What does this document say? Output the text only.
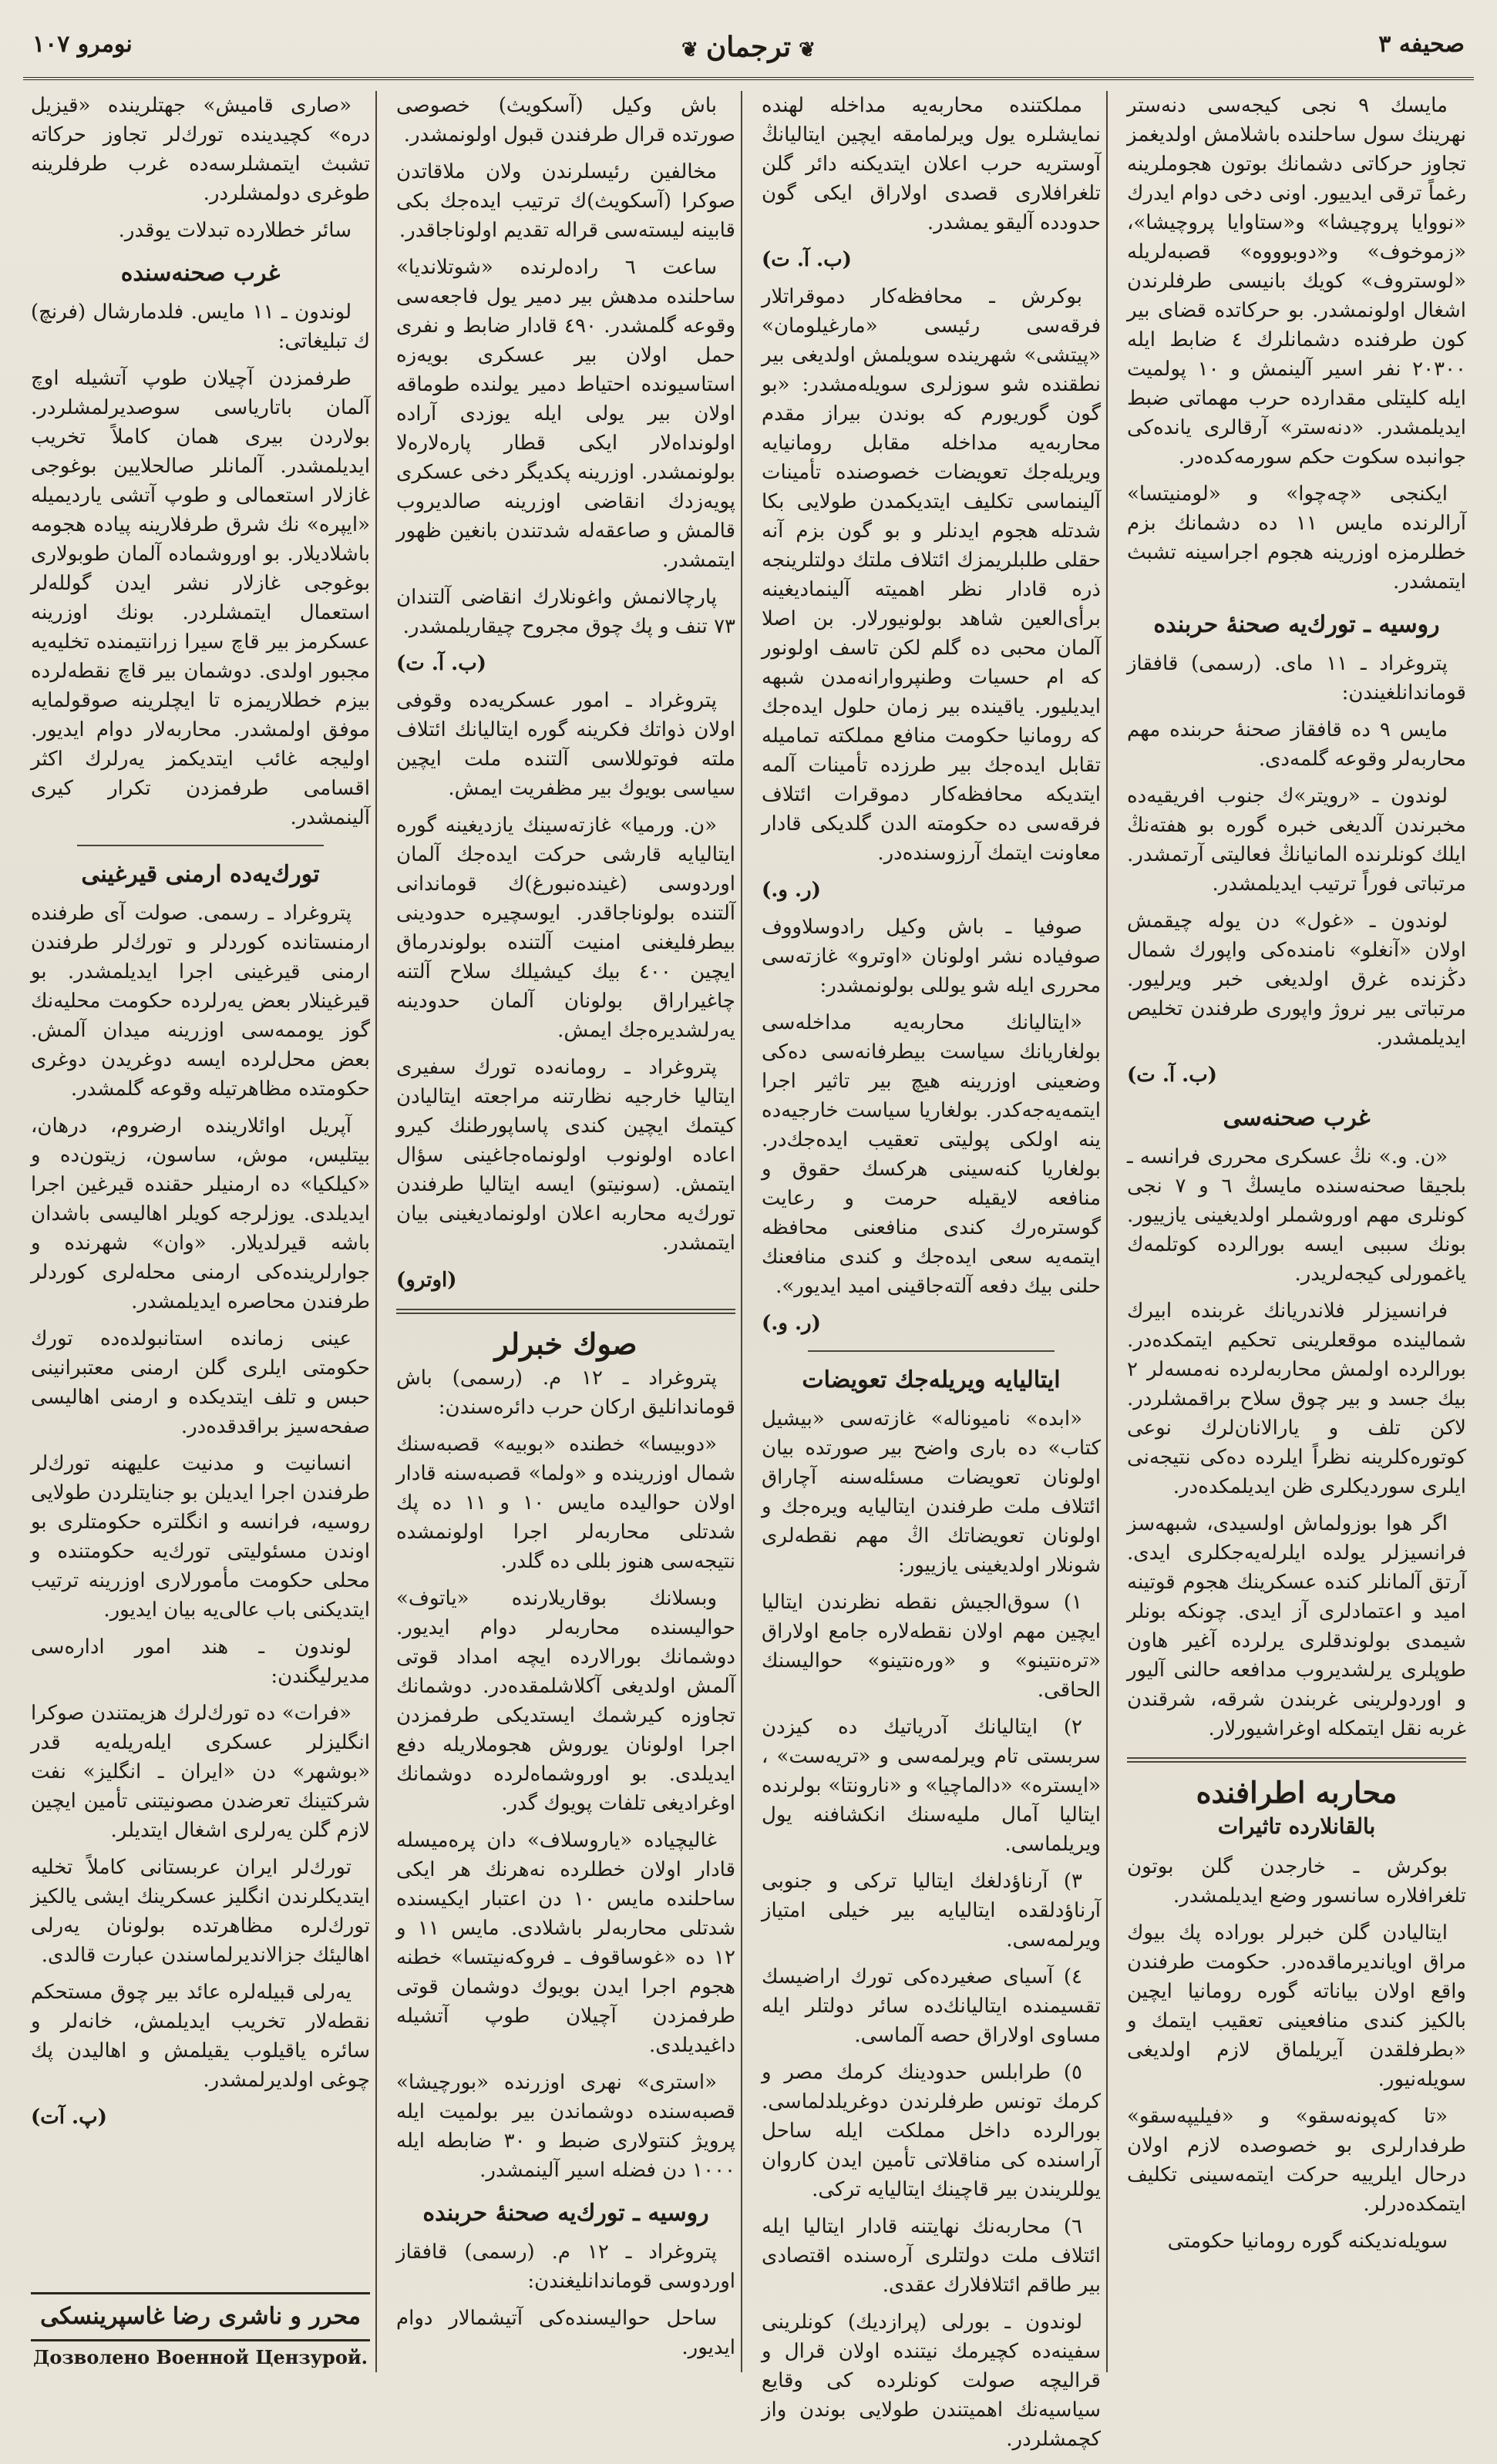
صحیفه ٣
❦ترجمان❦
نومرو ١٠٧

مایسك ٩ نجی كیجه‌سی دنه‌ستر نهرینك سول ساحلنده باشلامش اولدیغمز تجاوز حركاتی دشمانك بوتون هجوملرینه رغماً ترقی ایدییور. اونی دخی دوام ایدرك «نووایا پروچیشا» و«ستاوایا پروچیشا»، «زموخوف» و«دوبوووه» قصبه‌لریله «لوستروف» كویك بانیسی طرفلرندن اشغال اولونمشدر. بو حركاتده قضای بیر كون طرفنده دشمانلرك ٤ ضابط ایله ٢٠٣٠٠ نفر اسیر آلینمش و ١٠ پولمیت ایله كلیتلی مقدارده حرب مهماتی ضبط ایدیلمشدر. «دنه‌ستر» آرقالری یانده‌كی جوانبده سكوت حكم سورمه‌كده‌در.

ایكنجی «چه‌چوا» و «لومنیتسا» آرالرنده مایس ١١ ده دشمانك بزم خطلرمزه اوزرینه هجوم اجراسینه تشبث ایتمشدر.

روسیه ـ تورك‌یه صحنهٔ حربنده

پتروغراد ـ ١١ مای. (رسمی) قافقاز قوماندانلغیندن:

مایس ٩ ده قافقاز صحنهٔ حربنده مهم محاربه‌لر وقوعه گلمه‌دی.

لوندون ـ «رویتر»ك جنوب افریقیه‌ده مخبرندن آلدیغی خبره گوره بو هفته‌نڭ ایلك كونلرنده المانیانڭ فعالیتی آرتمشدر. مرتباتی فوراً ترتیب ایدیلمشدر.

لوندون ـ «غول» دن یوله چیقمش اولان «آنغلو» نامنده‌كی واپورك شمال دڭزنده غرق اولدیغی خبر ویرلیور. مرتباتی بیر نروژ واپوری طرفندن تخلیص ایدیلمشدر.

(ب. آ. ت)

غرب صحنه‌سی

«ن. و.» نڭ عسكری محرری فرانسه ـ بلجیقا صحنه‌سنده مایسڭ ٦ و ٧ نجی كونلری مهم اوروشملر اولدیغینی یازییور. بونك سببی ایسه بورالرده كوتلمه‌ك یاغمورلی كیجه‌لریدر.

فرانسیزلر فلاندریانك غربنده ابیرك شمالینده موقعلرینی تحكیم ایتمكده‌در. بورالرده اولمش محاربه‌لرده نه‌مسه‌لر ٢ بیك جسد و بیر چوق سلاح براقمشلردر. لاكن تلف و یارالانان‌لرك نوعی كوتوره‌كلرینه نظراً ایلرده ده‌كی نتیجه‌نی ایلری سوردیكلری ظن ایدیلمكده‌در.

اگر هوا بوزولماش اولسیدی، شبهه‌سز فرانسیزلر یولده ایلرله‌یه‌جكلری ایدی. آرتق آلمانلر كنده عسكرینك هجوم قوتینه امید و اعتمادلری آز ایدی. چونكه بونلر شیمدی بولوندقلری یرلرده آغیر هاون طوپلری یرلشدیروب مدافعه حالنی آلیور و اوردولرینی غربندن شرقه، شرقندن غربه نقل ایتمكله اوغراشیورلار.

محاربه اطرافنده
بالقانلارده تاثیرات

بوكرش ـ خارجدن گلن بوتون تلغرافلاره سانسور وضع ایدیلمشدر.

ایتالیادن گلن خبرلر بوراده پك بیوك مراق اویاندیرماقده‌در. حكومت طرفندن واقع اولان بیاناته گوره رومانیا ایچین بالكیز كندی منافعینی تعقیب ایتمك و «بطرفلقدن آیریلماق لازم اولدیغی سویله‌نیور.

«تا كه‌پونه‌سقو» و «فیلیپه‌سقو» طرفدارلری بو خصوصده لازم اولان درحال ایلرییه حركت ایتمه‌سینی تكلیف ایتمكده‌درلر.

سویله‌ندیكنه گوره رومانیا حكومتی

مملكتنده محاربه‌یه مداخله لهنده نمایشلره یول ویرلمامقه ایچین ایتالیانڭ آوستریه حرب اعلان ایتدیكنه دائر گلن تلغرافلاری قصدی اولاراق ایكی گون حدودده آلیقو یمشدر.

(ب. آ. ت)

بوكرش ـ محافظه‌كار دموقراتلار فرقه‌سی رئیسی «مارغیلومان» «پیتشی» شهرینده سویلمش اولدیغی بیر نطقنده شو سوزلری سویله‌مشدر: «بو گون گوریورم كه بوندن بیراز مقدم محاربه‌یه مداخله مقابل رومانیایه ویریله‌جك تعویضات خصوصنده تأمینات آلینماسی تكلیف ایتدیكمدن طولایی بكا شدتله هجوم ایدنلر و بو گون بزم آنه حقلی طلبلریمزك ائتلاف ملتك دولتلرینجه ذره قادار نظر اهمیته آلینمادیغینه برأی‌العین شاهد بولونیورلار. بن اصلا آلمان محبی ده گلم لكن تاسف اولونور كه ام حسیات وطنپروارانه‌مدن شبهه ایدیلیور. یاقینده بیر زمان حلول ایده‌جك كه رومانیا حكومت منافع مملكته تمامیله تقابل ایده‌جك بیر طرزده تأمینات آلمه ایتدیكه محافظه‌كار دموقرات ائتلاف فرقه‌سی ده حكومته الدن گلدیكی قادار معاونت ایتمك آرزوسنده‌در.

(ر. و.)

صوفیا ـ باش وكیل رادوسلاووف صوفیاده نشر اولونان «اوترو» غازته‌سی محرری ایله شو یوللی بولونمشدر:

«ایتالیانك محاربه‌یه مداخله‌سی بولغاریانك سیاست بیطرفانه‌سی ده‌كی وضعینی اوزرینه هیچ بیر تاثیر اجرا ایتمه‌یه‌جه‌كدر. بولغاریا سیاست خارجیه‌ده ینه اولكی پولیتی تعقیب ایده‌جك‌در. بولغاریا كنه‌سینی هركسك حقوق و منافعه لایقیله حرمت و رعایت گوستره‌رك كندی منافعنی محافظه ایتمه‌یه سعی ایده‌جك و كندی منافعنك حلنی بیك دفعه آلته‌جاقینی امید ایدیور».

(ر. و.)

ایتالیایه ویریله‌جك تعویضات

«ابده» نامیوناله» غازته‌سی «بیشیل كتاب» ده باری واضح بیر صورتده بیان اولونان تعویضات مسئله‌سنه آچاراق ائتلاف ملت طرفندن ایتالیایه ویره‌جك و اولونان تعویضاتك اڭ مهم نقطه‌لری شونلار اولدیغینی یازییور:

١) سوق‌الجیش نقطه نظرندن ایتالیا ایچین مهم اولان نقطه‌لاره جامع اولاراق «تره‌نتینو» و «وره‌نتینو» حوالیسنك الحاقی.

٢) ایتالیانك آدریاتیك ده كیزدن سربستی تام ویرلمه‌سی و «تریه‌ست» ، «ایستره» «دالماچیا» و «نارونتا» بولرنده ایتالیا آمال ملیه‌سنك انكشافنه یول ویریلماسی.

٣) آرناؤدلغك ایتالیا تركی و جنوبی آرناؤدلقده ایتالیایه بیر خیلی امتیاز ویرلمه‌سی.

٤) آسیای صغیرده‌كی تورك اراضیسك تقسیمنده ایتالیانك‌ده سائر دولتلر ایله مساوی اولاراق حصه آلماسی.

٥) طرابلس حدودینك كرمك مصر و كرمك تونس طرفلرندن دوغریلدلماسی. بورالرده داخل مملكت ایله ساحل آراسنده كی مناقلاتی تأمین ایدن كاروان یوللریندن بیر قاچینك ایتالیایه تركی.

٦) محاربه‌نك نهایتنه قادار ایتالیا ایله ائتلاف ملت دولتلری آره‌سنده اقتصادی بیر طاقم ائتلافلارك عقدی.

لوندون ـ بورلی (پرازدیك) كونلرینی سفینه‌ده كچیرمك نیتنده اولان قرال و قرالیچه صولت كونلرده كی وقایع سیاسیه‌نك اهمیتندن طولایی بوندن واز كچمشلردر.

باش وكیل (آسكویث) خصوصی صورتده قرال طرفندن قبول اولونمشدر.

مخالفین رئیسلرندن ولان ملاقاتدن صوكرا (آسكویث)ك ترتیب ایده‌جك بكی قابینه لیسته‌سی قراله تقدیم اولوناجاقدر.

ساعت ٦ راده‌لرنده «شوتلاندیا» ساحلنده مدهش بیر دمیر یول فاجعه‌سی وقوعه گلمشدر. ٤٩٠ قادار ضابط و نفری حمل اولان بیر عسكری بویه‌زه استاسیونده احتیاط دمیر یولنده طوماقه اولان بیر یولی ایله یوزدی آراده اولونداه‌لار ایكی قطار پاره‌لاره‌لا بولونمشدر. اوزرینه پكدیگر دخی عسكری پویه‌زدك انقاضی اوزرینه صالدیروب قالمش و صاعقه‌له شدتندن بانغین ظهور ایتمشدر.

پارچالانمش واغونلارك انقاضی آلتندان ٧٣ تنف و پك چوق مجروح چیقاریلمشدر.

(ب. آ. ت)

پتروغراد ـ امور عسكریه‌ده وقوفی اولان ذواتك فكرینه گوره ایتالیانك ائتلاف ملته فوتوللاسی آلتنده ملت ایچین سیاسی بویوك بیر مظفریت ایمش.

«ن. ورمیا» غازته‌سینك یازدیغینه گوره ایتالیایه قارشی حركت ایده‌جك آلمان اوردوسی (غینده‌نبورغ)ك قوماندانی آلتنده بولوناجاقدر. ایوسچیره حدودینی بیطرفلیغنی امنیت آلتنده بولوندرماق ایچین ٤٠٠ بیك كیشیلك سلاح آلتنه چاغیراراق بولونان آلمان حدودینه یه‌رلشدیره‌جك ایمش.

پتروغراد ـ رومانه‌ده تورك سفیری ایتالیا خارجیه نظارتنه مراجعته ایتالیادن كیتمك ایچین كندی پاساپورطنك كیرو اعاده اولونوب اولونماه‌جاغینی سؤال ایتمش. (سونیتو) ایسه ایتالیا طرفندن تورك‌یه محاربه اعلان اولونمادیغینی بیان ایتمشدر.

(اوترو)

صوك خبرلر

پتروغراد ـ ١٢ م. (رسمی) باش قوماندانلیق اركان حرب دائره‌سندن:

«دوبیسا» خطنده «بوبیه» قصبه‌سنك شمال اوزرینده و «ولما» قصبه‌سنه قادار اولان حوالیده مایس ١٠ و ١١ ده پك شدتلی محاربه‌لر اجرا اولونمشده نتیجه‌سی هنوز بللی ده گلدر.

وبسلانك بوقاریلارنده «یاتوف» حوالیسنده محاربه‌لر دوام ایدیور. دوشمانك بورالارده ایچه امداد قوتی آلمش اولدیغی آكلاشلمقده‌در. دوشمانك تجاوزه كیرشمك ایستدیكی طرفمزدن اجرا اولونان یوروش هجوملاریله دفع ایدیلدی. بو اوروشماه‌لرده دوشمانك اوغرادیغی تلفات پویوك گدر.

غالیچیاده «یاروسلاف» دان پره‌میسله قادار اولان خطلرده نه‌هرنك هر ایكی ساحلنده مایس ١٠ دن اعتبار ایكیسنده شدتلی محاربه‌لر باشلادی. مایس ١١ و ١٢ ده «غوساقوف ـ فروكه‌نیتسا» خطنه هجوم اجرا ایدن بویوك دوشمان قوتی طرفمزدن آچیلان طوپ آتشیله داغیدیلدی.

«استری» نهری اوزرنده «بورچیشا» قصبه‌سنده دوشماندن بیر بولمیت ایله پرویژ كنتولاری ضبط و ٣٠ ضابطه ایله ١٠٠٠ دن فضله اسیر آلینمشدر.

روسیه ـ تورك‌یه صحنهٔ حربنده

پتروغراد ـ ١٢ م. (رسمی) قافقاز اوردوسی قوماندانلیغندن:

ساحل حوالیسنده‌كی آتیشمالار دوام ایدیور.

«صاری قامیش» جهتلرینده «قیزیل دره» كچیدینده تورك‌لر تجاوز حركاته تشبث ایتمشلرسه‌ده غرب طرفلرینه طوغری دولمشلردر.

سائر خطلارده تبدلات یوقدر.

غرب صحنه‌سنده

لوندون ـ ١١ مایس. فلدمارشال (فرنچ) ك تبلیغاتی:

طرفمزدن آچیلان طوپ آتشیله اوچ آلمان باتاریاسی سوصدیرلمشلردر. بولاردن بیری همان كاملاً تخریب ایدیلمشدر. آلمانلر صالحلایین بوغوجی غازلار استعمالی و طوپ آتشی یاردیمیله «ایپره» نك شرق طرفلارینه پیاده هجومه باشلادیلار. بو اوروشماده آلمان طوبولاری بوغوجی غازلار نشر ایدن گولله‌لر استعمال ایتمشلردر. بونك اوزرینه عسكرمز بیر قاچ سیرا زرانتیمنده تخلیه‌یه مجبور اولدی. دوشمان بیر قاچ نقطه‌لرده بیزم خطلاریمزه تا ایچلرینه صوقولمایه موفق اولمشدر. محاربه‌لار دوام ایدیور. اولیجه غائب ایتدیكمز یه‌رلرك اكثر اقسامی طرفمزدن تكرار كیری آلینمشدر.

تورك‌یه‌ده ارمنی قیرغینی

پتروغراد ـ رسمی. صولت آی طرفنده ارمنستانده كوردلر و تورك‌لر طرفندن ارمنی قیرغینی اجرا ایدیلمشدر. بو قیرغینلار بعض یه‌رلرده حكومت محلیه‌نك گوز یوممه‌سی اوزرینه میدان آلمش. بعض محل‌لرده ایسه دوغریدن دوغری حكومتده مظاهرتیله وقوعه گلمشدر.

آپریل اوائلارینده ارضروم، درهان، بیتلیس، موش، ساسون، زیتون‌ده و «كیلكیا» ده ارمنیلر حقنده قیرغین اجرا ایدیلدی. یوزلرجه كویلر اهالیسی باشدان باشه قیرلدیلار. «وان» شهرنده و جوارلرینده‌كی ارمنی محله‌لری كوردلر طرفندن محاصره ایدیلمشدر.

عینی زمانده استانبولده‌ده تورك حكومتی ایلری گلن ارمنی معتبرانینی حبس و تلف ایتدیكده و ارمنی اهالیسی صفحه‌سیز براقدقده‌در.

انسانیت و مدنیت علیهنه تورك‌لر طرفندن اجرا ایدیلن بو جنایتلردن طولایی روسیه، فرانسه و انگلتره حكومتلری بو اوندن مسئولیتی تورك‌یه حكومتنده و محلی حكومت مأمورلاری اوزرینه ترتیب ایتدیكنی باب عالی‌یه بیان ایدیور.

لوندون ـ هند امور اداره‌سی مدیرلیگندن:

«فرات» ده تورك‌لرك هزیمتندن صوكرا انگلیزلر عسكری ایله‌ریله‌یه قدر «بوشهر» دن «ایران ـ انگلیز» نفت شركتینك تعرضدن مصونیتنی تأمین ایچین لازم گلن یه‌رلری اشغال ایتدیلر.

تورك‌لر ایران عربستانی كاملاً تخلیه ایتدیكلرندن انگلیز عسكرینك ایشی یالكیز تورك‌لره مظاهرتده بولونان یه‌رلی اهالیئك جزالاندیرلماسندن عبارت قالدی.

یه‌رلی قبیله‌لره عائد بیر چوق مستحكم نقطه‌لار تخریب ایدیلمش، خانه‌لر و سائره یاقیلوب یقیلمش و اهالیدن پك چوغی اولدیرلمشدر.

(پ. آت)

محرر و ناشری رضا غاسپرینسكی
Дозволено Военной Цензурой.
